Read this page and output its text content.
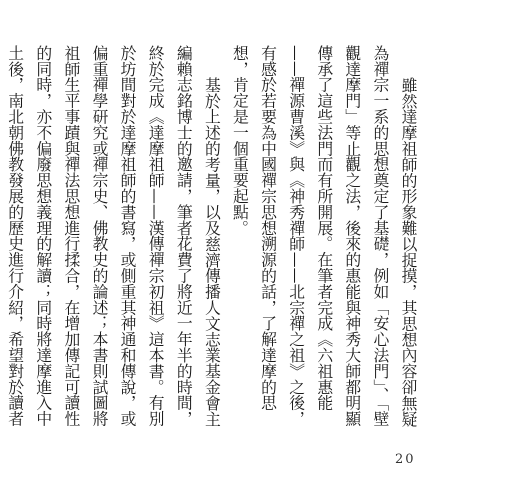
雖然達摩祖師的形象難以捉摸，其思想內容卻無疑為禪宗一系的思想奠定了基礎，例如「安心法門」、「壁觀達摩門」等止觀之法，後來的惠能與神秀大師都明顯傳承了這些法門而有所開展。在筆者完成《六祖惠能——禪源曹溪》與《神秀禪師——北宗禪之祖》之後，有感於若要為中國禪宗思想溯源的話，了解達摩的思想，肯定是一個重要起點。

基於上述的考量，以及慈濟傳播人文志業基金會主編賴志銘博士的邀請，筆者花費了將近一年半的時間，終於完成《達摩祖師——漢傳禪宗初祖》這本書。有別於坊間對於達摩祖師的書寫，或側重其神通和傳說，或偏重禪學研究或禪宗史、佛教史的論述；本書則試圖將祖師生平事蹟與禪法思想進行揉合，在增加傳記可讀性的同時，亦不偏廢思想義理的解讀；同時將達摩進入中土後，南北朝佛教發展的歷史進行介紹，希望對於讀者

20
